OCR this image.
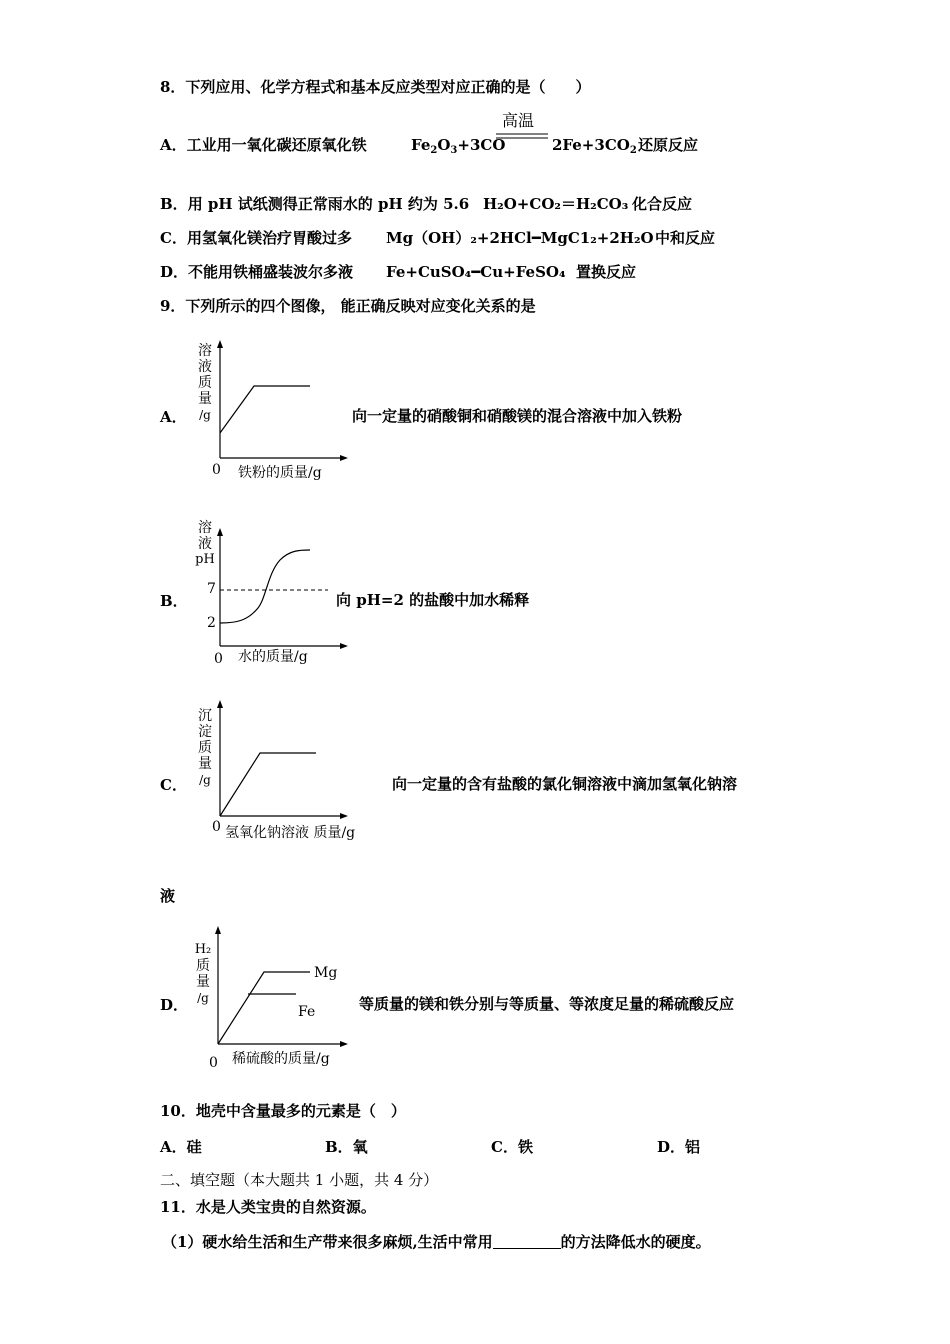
8．下列应用、化学方程式和基本反应类型对应正确的是（　　）
A．工业用一氧化碳还原氧化铁	$Fe_2O_3+3CO$
高温
$2Fe+3CO_2$ 还原反应
B．用 pH 试纸测得正常雨水的 pH 约为 5.6 H₂O+CO₂＝H₂CO₃ 化合反应
C．用氢氧化镁治疗胃酸过多 Mg（OH）₂+2HCl━MgC1₂+2H₂O 中和反应
D．不能用铁桶盛装波尔多液 Fe+CuSO₄━Cu+FeSO₄ 置换反应
9．下列所示的四个图像， 能正确反映对应变化关系的是
A．
溶
液
质
量
/g
0 铁粉的质量/g
向一定量的硝酸铜和硝酸镁的混合溶液中加入铁粉
B．
溶
液
pH
7
2
0 水的质量/g
向 pH=2 的盐酸中加水稀释
C．
沉
淀
质
量
/g
0 氢氧化钠溶液 质量/g
向一定量的含有盐酸的氯化铜溶液中滴加氢氧化钠溶
液
D．
H₂
质
量
/g
Mg
Fe
0 稀硫酸的质量/g
等质量的镁和铁分别与等质量、等浓度足量的稀硫酸反应
10．地壳中含量最多的元素是（　）
A．硅	B．氧	C．铁	D．铝
二、填空题（本大题共 1 小题，共 4 分）
11．水是人类宝贵的自然资源。
（1）硬水给生活和生产带来很多麻烦,生活中常用	的方法降低水的硬度。
